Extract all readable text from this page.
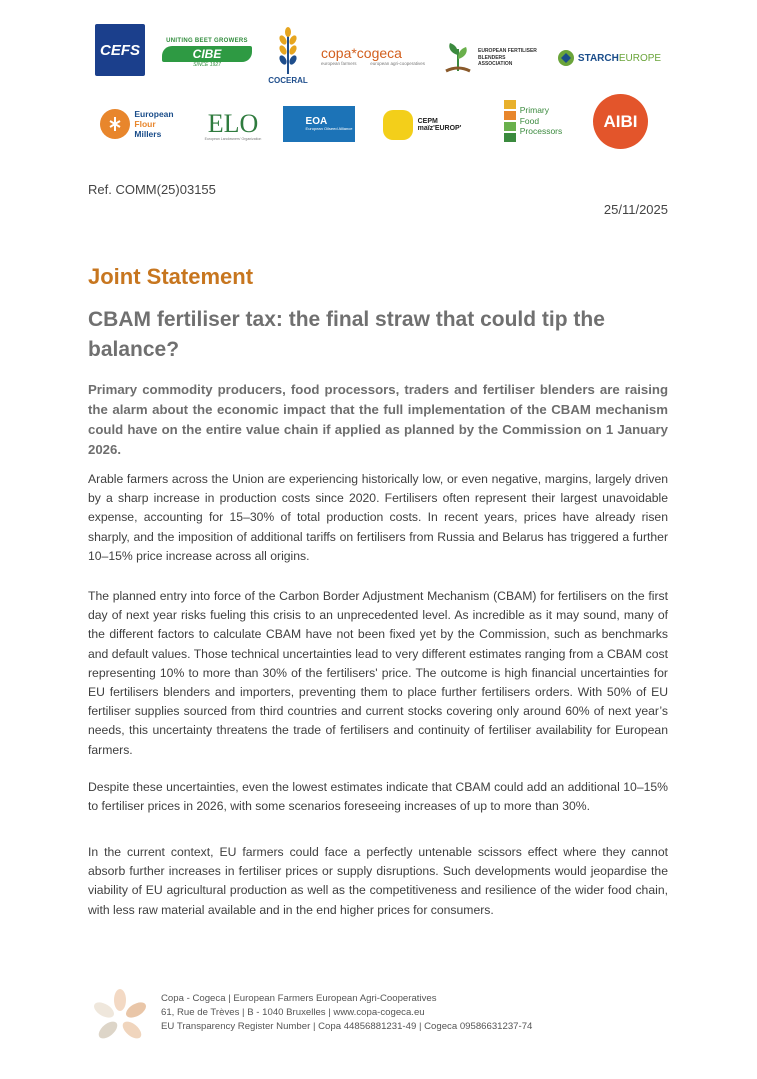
CEFS
UNITING BEET GROWERS
CIBE
SINCE 1927
COCERAL
copa*cogeca
european farmers	european agri-cooperatives
EUROPEAN FERTILISER BLENDERS ASSOCIATION
STARCHEUROPE
European
Flour
Millers	ELO
European Landowners' Organization
EOA
European Oilseed Alliance
CEPM
maïz'EUROP'
Primary
Food
Processors
AIBI

Ref. COMM(25)03155

25/11/2025

Joint Statement
CBAM fertiliser tax: the final straw that could tip the balance?

Primary commodity producers, food processors, traders and fertiliser blenders are raising the alarm about the economic impact that the full implementation of the CBAM mechanism could have on the entire value chain if applied as planned by the Commission on 1 January 2026.

Arable farmers across the Union are experiencing historically low, or even negative, margins, largely driven by a sharp increase in production costs since 2020. Fertilisers often represent their largest unavoidable expense, accounting for 15–30% of total production costs. In recent years, prices have already risen sharply, and the imposition of additional tariffs on fertilisers from Russia and Belarus has triggered a further 10–15% price increase across all origins.

The planned entry into force of the Carbon Border Adjustment Mechanism (CBAM) for fertilisers on the first day of next year risks fueling this crisis to an unprecedented level. As incredible as it may sound, many of the different factors to calculate CBAM have not been fixed yet by the Commission, such as benchmarks and default values. Those technical uncertainties lead to very different estimates ranging from a CBAM cost representing 10% to more than 30% of the fertilisers' price. The outcome is high financial uncertainties for EU fertilisers blenders and importers, preventing them to place further fertilisers orders. With 50% of EU fertiliser supplies sourced from third countries and current stocks covering only around 60% of next year’s needs, this uncertainty threatens the trade of fertilisers and continuity of fertiliser availability for European farmers.

Despite these uncertainties, even the lowest estimates indicate that CBAM could add an additional 10–15% to fertiliser prices in 2026, with some scenarios foreseeing increases of up to more than 30%.

In the current context, EU farmers could face a perfectly untenable scissors effect where they cannot absorb further increases in fertiliser prices or supply disruptions. Such developments would jeopardise the viability of EU agricultural production as well as the competitiveness and resilience of the wider food chain, with less raw material available and in the end higher prices for consumers.

Copa - Cogeca | European Farmers European Agri-Cooperatives
61, Rue de Trèves | B - 1040 Bruxelles | www.copa-cogeca.eu
EU Transparency Register Number | Copa 44856881231-49 | Cogeca 09586631237-74
